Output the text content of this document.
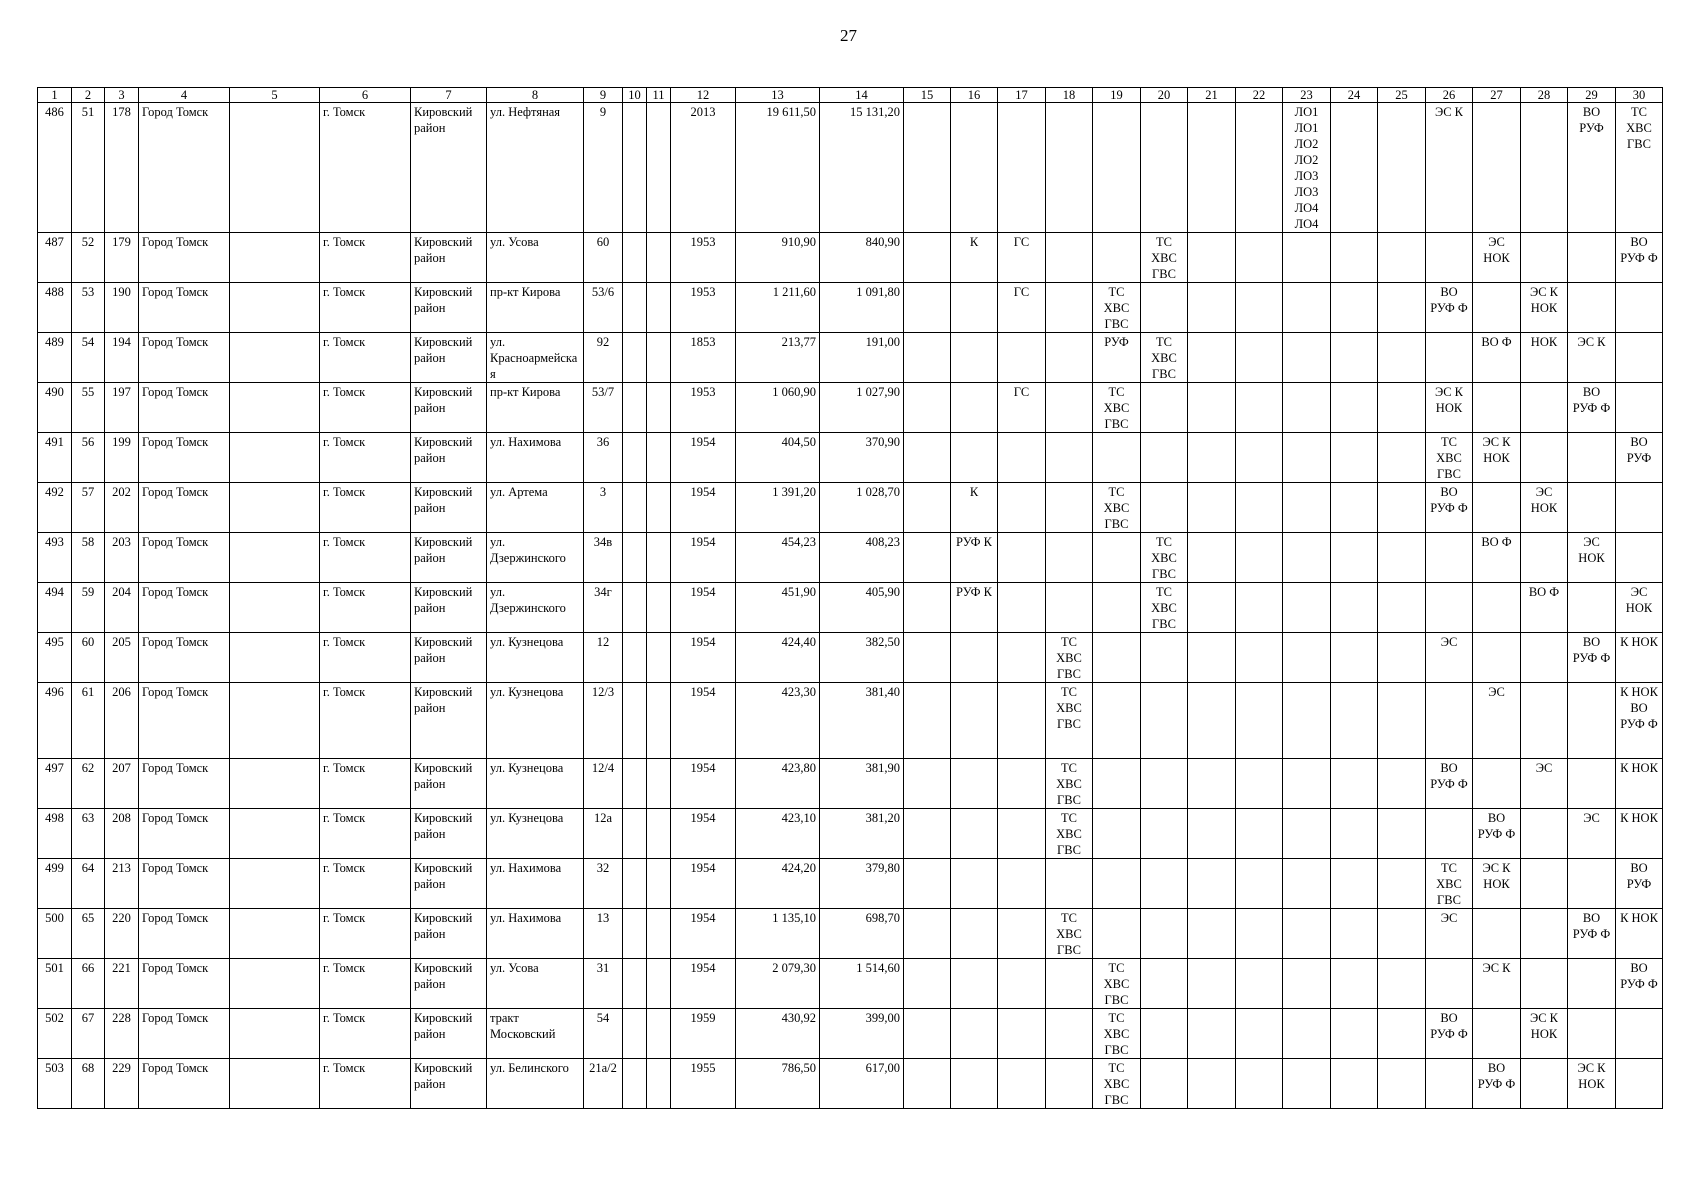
27
1	2	3	4	5	6	7	8	9	10	11	12	13	14	15	16	17	18	19	20	21	22	23	24	25	26	27	28	29	30
486	51	178	Город Томск		г. Томск	Кировский район	ул. Нефтяная	9			2013	19 611,50	15 131,20									ЛО1 ЛО1 ЛО2 ЛО2 ЛО3 ЛО3 ЛО4 ЛО4			ЭС К			ВО РУФ	ТС ХВС ГВС
487	52	179	Город Томск		г. Томск	Кировский район	ул. Усова	60			1953	910,90	840,90		К	ГС			ТС ХВС ГВС							ЭС НОК			ВО РУФ Ф
488	53	190	Город Томск		г. Томск	Кировский район	пр-кт Кирова	53/6			1953	1 211,60	1 091,80			ГС		ТС ХВС ГВС							ВО РУФ Ф		ЭС К НОК		
489	54	194	Город Томск		г. Томск	Кировский район	ул. Красноармейская	92			1853	213,77	191,00					РУФ	ТС ХВС ГВС							ВО Ф	НОК	ЭС К	
490	55	197	Город Томск		г. Томск	Кировский район	пр-кт Кирова	53/7			1953	1 060,90	1 027,90			ГС		ТС ХВС ГВС							ЭС К НОК			ВО РУФ Ф	
491	56	199	Город Томск		г. Томск	Кировский район	ул. Нахимова	36			1954	404,50	370,90												ТС ХВС ГВС	ЭС К НОК			ВО РУФ
492	57	202	Город Томск		г. Томск	Кировский район	ул. Артема	3			1954	1 391,20	1 028,70		К			ТС ХВС ГВС							ВО РУФ Ф		ЭС НОК		
493	58	203	Город Томск		г. Томск	Кировский район	ул. Дзержинского	34в			1954	454,23	408,23		РУФ К				ТС ХВС ГВС							ВО Ф		ЭС НОК	
494	59	204	Город Томск		г. Томск	Кировский район	ул. Дзержинского	34г			1954	451,90	405,90		РУФ К				ТС ХВС ГВС								ВО Ф		ЭС НОК
495	60	205	Город Томск		г. Томск	Кировский район	ул. Кузнецова	12			1954	424,40	382,50				ТС ХВС ГВС								ЭС			ВО РУФ Ф	К НОК
496	61	206	Город Томск		г. Томск	Кировский район	ул. Кузнецова	12/3			1954	423,30	381,40				ТС ХВС ГВС									ЭС			К НОК ВО РУФ Ф
497	62	207	Город Томск		г. Томск	Кировский район	ул. Кузнецова	12/4			1954	423,80	381,90				ТС ХВС ГВС								ВО РУФ Ф		ЭС		К НОК
498	63	208	Город Томск		г. Томск	Кировский район	ул. Кузнецова	12а			1954	423,10	381,20				ТС ХВС ГВС									ВО РУФ Ф		ЭС	К НОК
499	64	213	Город Томск		г. Томск	Кировский район	ул. Нахимова	32			1954	424,20	379,80												ТС ХВС ГВС	ЭС К НОК			ВО РУФ
500	65	220	Город Томск		г. Томск	Кировский район	ул. Нахимова	13			1954	1 135,10	698,70				ТС ХВС ГВС								ЭС			ВО РУФ Ф	К НОК
501	66	221	Город Томск		г. Томск	Кировский район	ул. Усова	31			1954	2 079,30	1 514,60					ТС ХВС ГВС								ЭС К			ВО РУФ Ф
502	67	228	Город Томск		г. Томск	Кировский район	тракт Московский	54			1959	430,92	399,00					ТС ХВС ГВС							ВО РУФ Ф		ЭС К НОК		
503	68	229	Город Томск		г. Томск	Кировский район	ул. Белинского	21а/2			1955	786,50	617,00					ТС ХВС ГВС								ВО РУФ Ф		ЭС К НОК	
